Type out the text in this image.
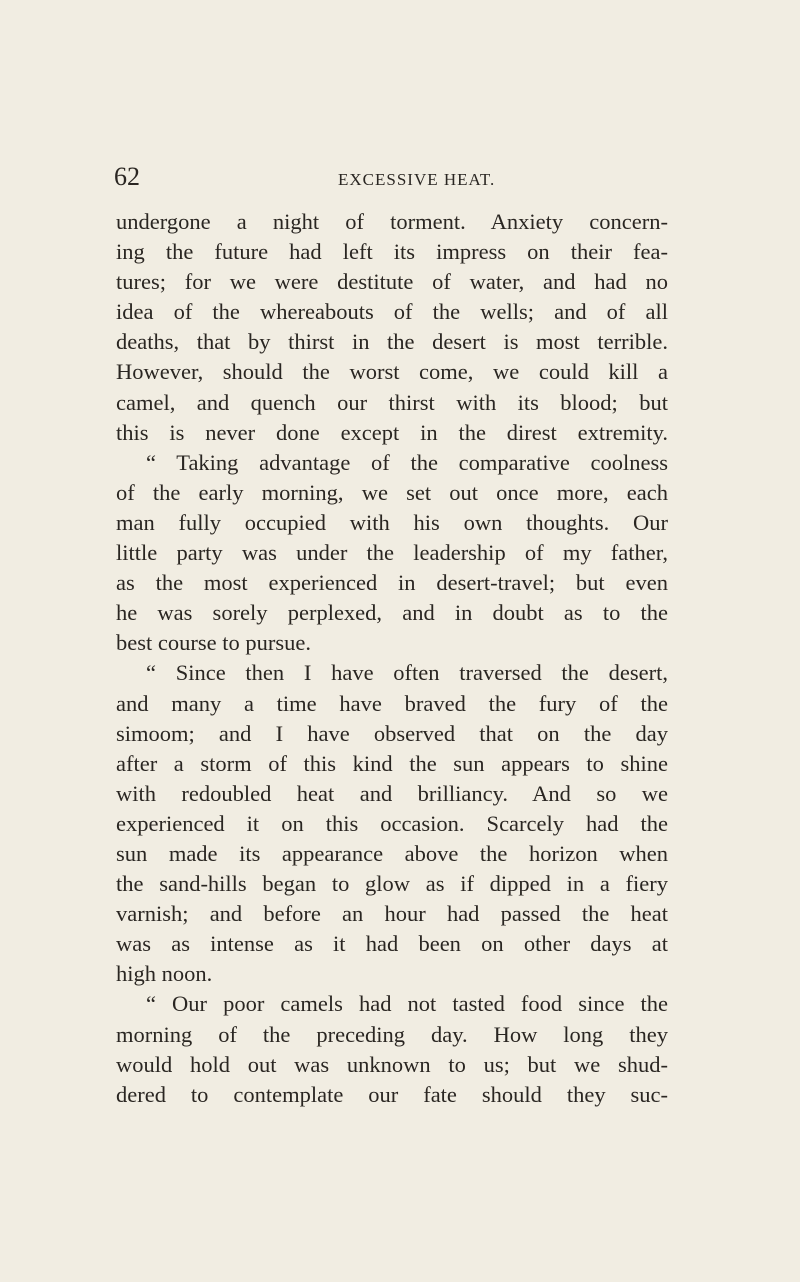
62	EXCESSIVE HEAT.
undergone a night of torment. Anxiety concern-
ing the future had left its impress on their fea-
tures; for we were destitute of water, and had no
idea of the whereabouts of the wells; and of all
deaths, that by thirst in the desert is most terrible.
However, should the worst come, we could kill a
camel, and quench our thirst with its blood; but
this is never done except in the direst extremity.
“ Taking advantage of the comparative coolness
of the early morning, we set out once more, each
man fully occupied with his own thoughts. Our
little party was under the leadership of my father,
as the most experienced in desert-travel; but even
he was sorely perplexed, and in doubt as to the
best course to pursue.
“ Since then I have often traversed the desert,
and many a time have braved the fury of the
simoom; and I have observed that on the day
after a storm of this kind the sun appears to shine
with redoubled heat and brilliancy. And so we
experienced it on this occasion. Scarcely had the
sun made its appearance above the horizon when
the sand-hills began to glow as if dipped in a fiery
varnish; and before an hour had passed the heat
was as intense as it had been on other days at
high noon.
“ Our poor camels had not tasted food since the
morning of the preceding day. How long they
would hold out was unknown to us; but we shud-
dered to contemplate our fate should they suc-
